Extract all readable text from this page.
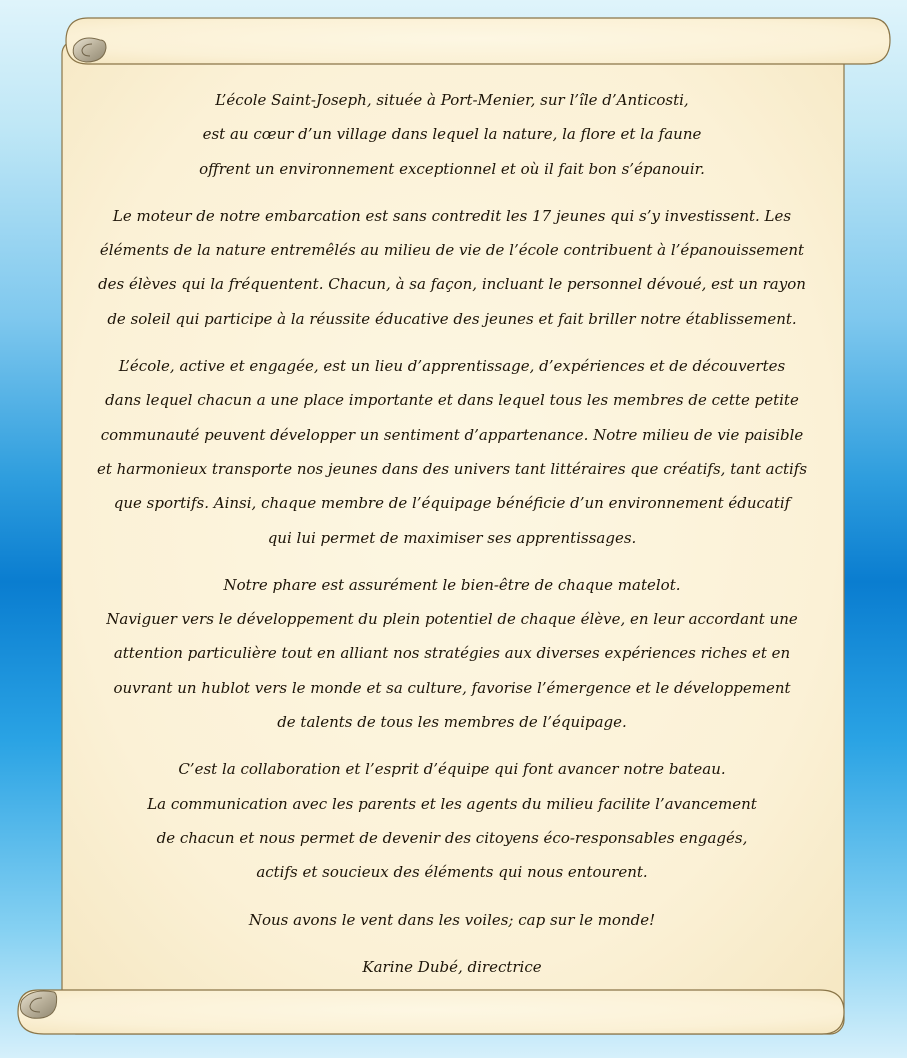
L’école Saint-Joseph, située à Port-Menier, sur l’île d’Anticosti,
est au cœur d’un village dans lequel la nature, la flore et la faune
offrent un environnement exceptionnel et où il fait bon s’épanouir.

Le moteur de notre embarcation est sans contredit les 17 jeunes qui s’y investissent. Les
éléments de la nature entremêlés au milieu de vie de l’école contribuent à l’épanouissement
des élèves qui la fréquentent. Chacun, à sa façon, incluant le personnel dévoué, est un rayon
de soleil qui participe à la réussite éducative des jeunes et fait briller notre établissement.

L’école, active et engagée, est un lieu d’apprentissage, d’expériences et de découvertes
dans lequel chacun a une place importante et dans lequel tous les membres de cette petite
communauté peuvent développer un sentiment d’appartenance. Notre milieu de vie paisible
et harmonieux transporte nos jeunes dans des univers tant littéraires que créatifs, tant actifs
que sportifs. Ainsi, chaque membre de l’équipage bénéficie d’un environnement éducatif
qui lui permet de maximiser ses apprentissages.

Notre phare est assurément le bien-être de chaque matelot.
Naviguer vers le développement du plein potentiel de chaque élève, en leur accordant une
attention particulière tout en alliant nos stratégies aux diverses expériences riches et en
ouvrant un hublot vers le monde et sa culture, favorise l’émergence et le développement
de talents de tous les membres de l’équipage.

C’est la collaboration et l’esprit d’équipe qui font avancer notre bateau.
La communication avec les parents et les agents du milieu facilite l’avancement
de chacun et nous permet de devenir des citoyens éco-responsables engagés,
actifs et soucieux des éléments qui nous entourent.

Nous avons le vent dans les voiles; cap sur le monde!

Karine Dubé, directrice
